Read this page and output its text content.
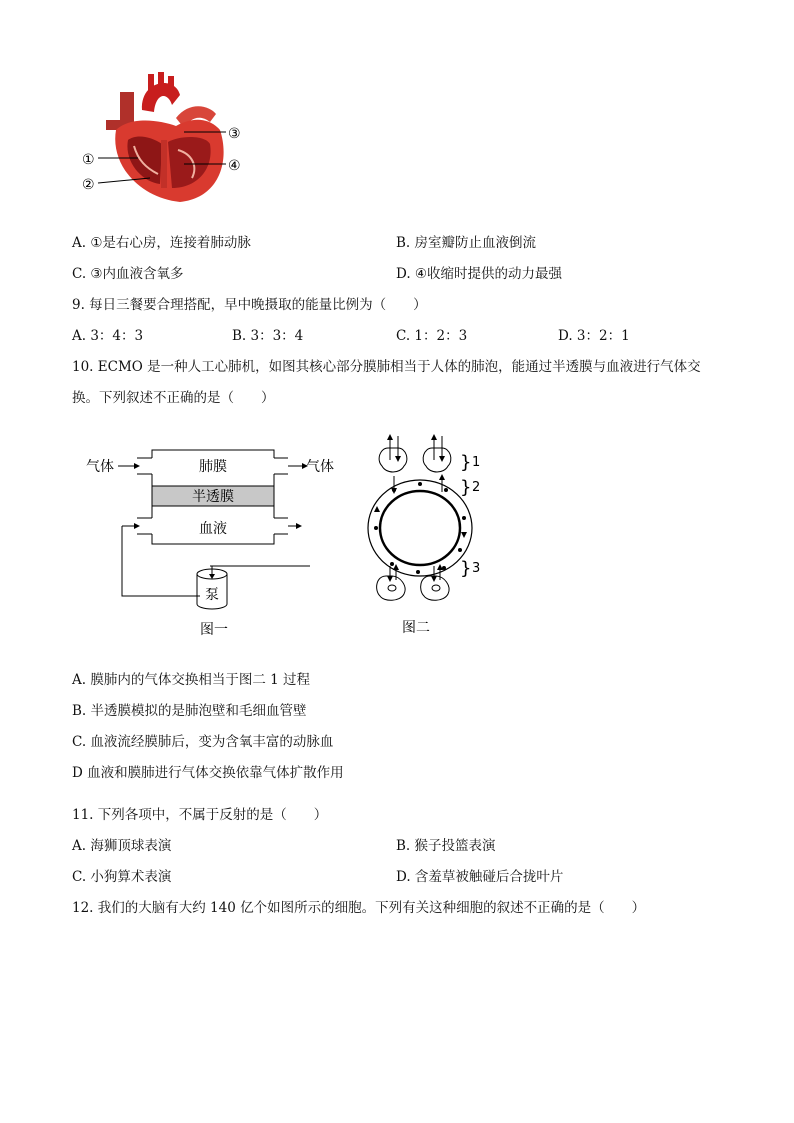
①
②
③
④
A. ①是右心房，连接着肺动脉	B. 房室瓣防止血液倒流
C. ③内血液含氧多	D. ④收缩时提供的动力最强
9. 每日三餐要合理搭配，早中晚摄取的能量比例为（　　）
A. 3：4：3	B. 3：3：4	C. 1：2：3	D. 3：2：1
10. ECMO 是一种人工心肺机，如图其核心部分膜肺相当于人体的肺泡，能通过半透膜与血液进行气体交
换。下列叙述不正确的是（　　）
气体	气体
肺膜
半透膜
血液
泵
图一
} 1
} 2
} 3
图二
A. 膜肺内的气体交换相当于图二 1 过程
B. 半透膜模拟的是肺泡壁和毛细血管壁
C. 血液流经膜肺后，变为含氧丰富的动脉血
D 血液和膜肺进行气体交换依靠气体扩散作用
11. 下列各项中，不属于反射的是（　　）
A. 海狮顶球表演	B. 猴子投篮表演
C. 小狗算术表演	D. 含羞草被触碰后合拢叶片
12. 我们的大脑有大约 140 亿个如图所示的细胞。下列有关这种细胞的叙述不正确的是（　　）
